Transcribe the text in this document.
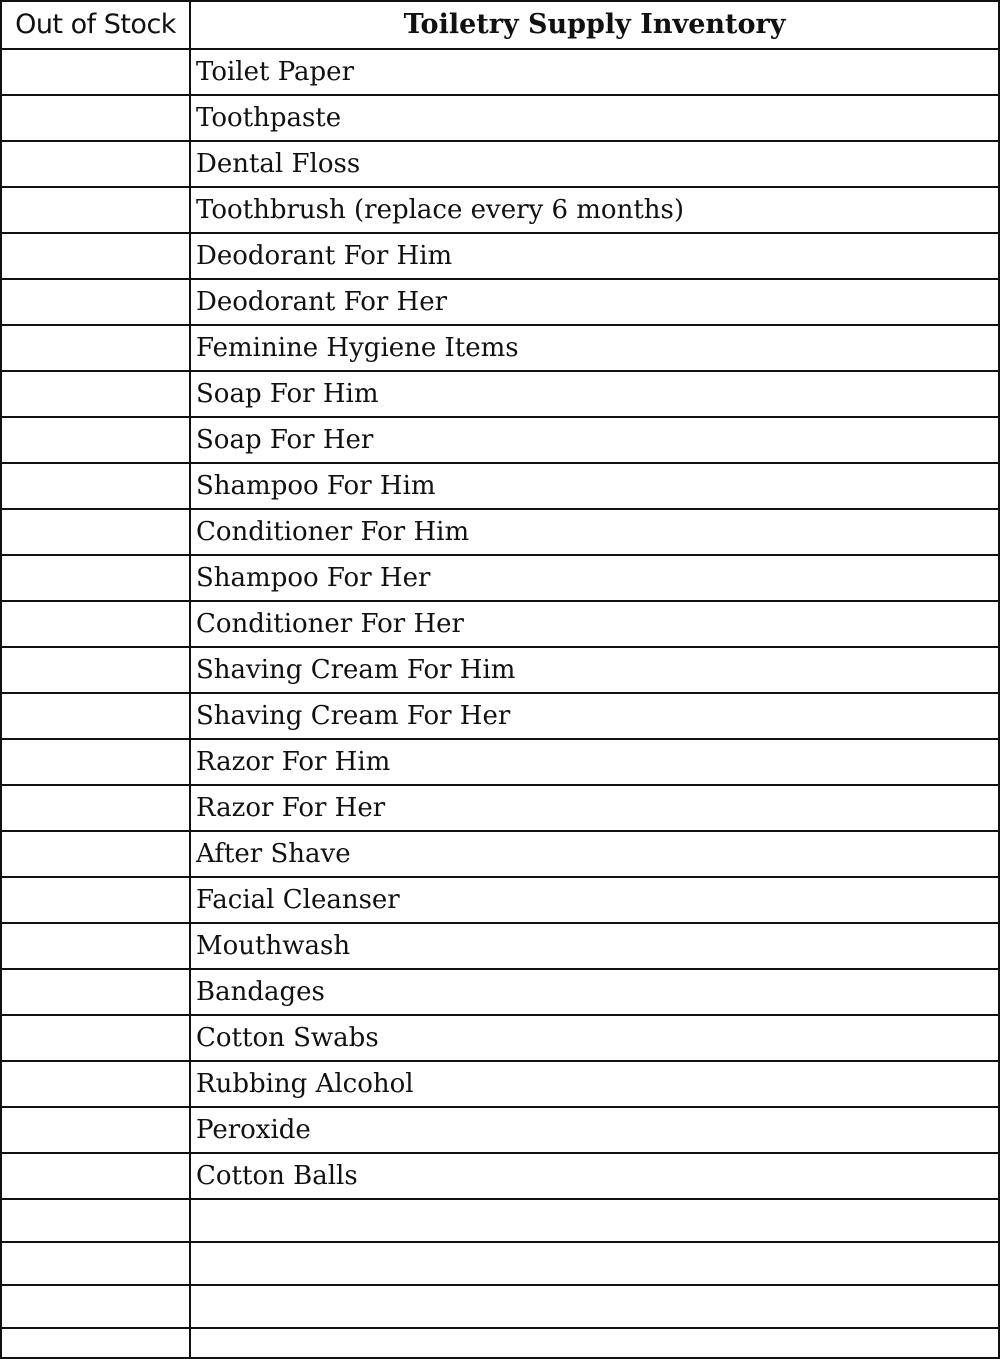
Out of Stock	Toiletry Supply Inventory
Toilet Paper
Toothpaste
Dental Floss
Toothbrush (replace every 6 months)
Deodorant For Him
Deodorant For Her
Feminine Hygiene Items
Soap For Him
Soap For Her
Shampoo For Him
Conditioner For Him
Shampoo For Her
Conditioner For Her
Shaving Cream For Him
Shaving Cream For Her
Razor For Him
Razor For Her
After Shave
Facial Cleanser
Mouthwash
Bandages
Cotton Swabs
Rubbing Alcohol
Peroxide
Cotton Balls
